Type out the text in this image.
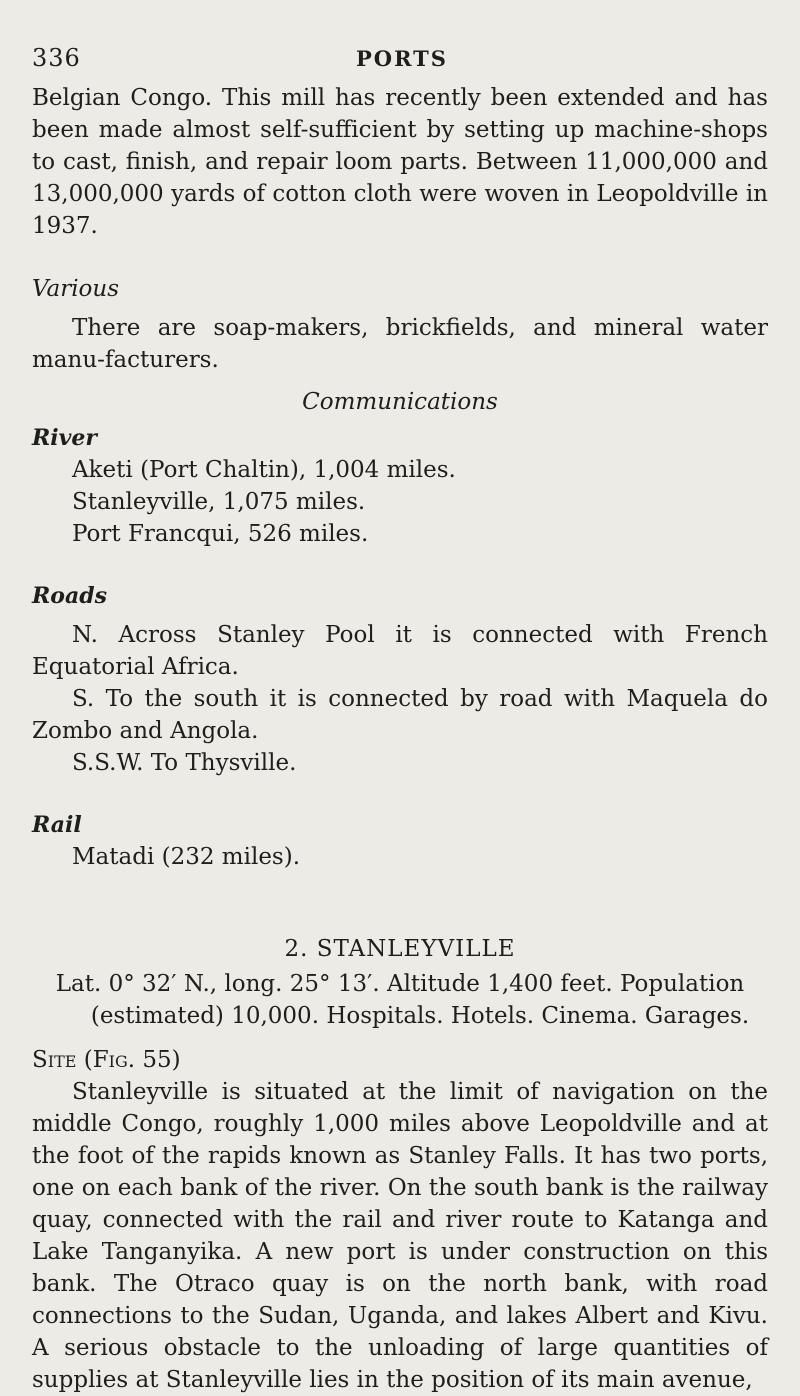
336	PORTS

Belgian Congo. This mill has recently been extended and has been made almost self-sufficient by setting up machine-shops to cast, finish, and repair loom parts. Between 11,000,000 and 13,000,000 yards of cotton cloth were woven in Leopoldville in 1937.

Various

There are soap-makers, brickfields, and mineral water manu-facturers.

Communications

River

Aketi (Port Chaltin), 1,004 miles.

Stanleyville, 1,075 miles.

Port Francqui, 526 miles.

Roads

N. Across Stanley Pool it is connected with French Equatorial Africa.

S. To the south it is connected by road with Maquela do Zombo and Angola.

S.S.W. To Thysville.

Rail

Matadi (232 miles).

2. STANLEYVILLE

Lat. 0° 32′ N., long. 25° 13′. Altitude 1,400 feet. Population (estimated) 10,000. Hospitals. Hotels. Cinema. Garages.

Site (Fig. 55)

Stanleyville is situated at the limit of navigation on the middle Congo, roughly 1,000 miles above Leopoldville and at the foot of the rapids known as Stanley Falls. It has two ports, one on each bank of the river. On the south bank is the railway quay, connected with the rail and river route to Katanga and Lake Tanganyika. A new port is under construction on this bank. The Otraco quay is on the north bank, with road connections to the Sudan, Uganda, and lakes Albert and Kivu. A serious obstacle to the unloading of large quantities of supplies at Stanleyville lies in the position of its main avenue,
